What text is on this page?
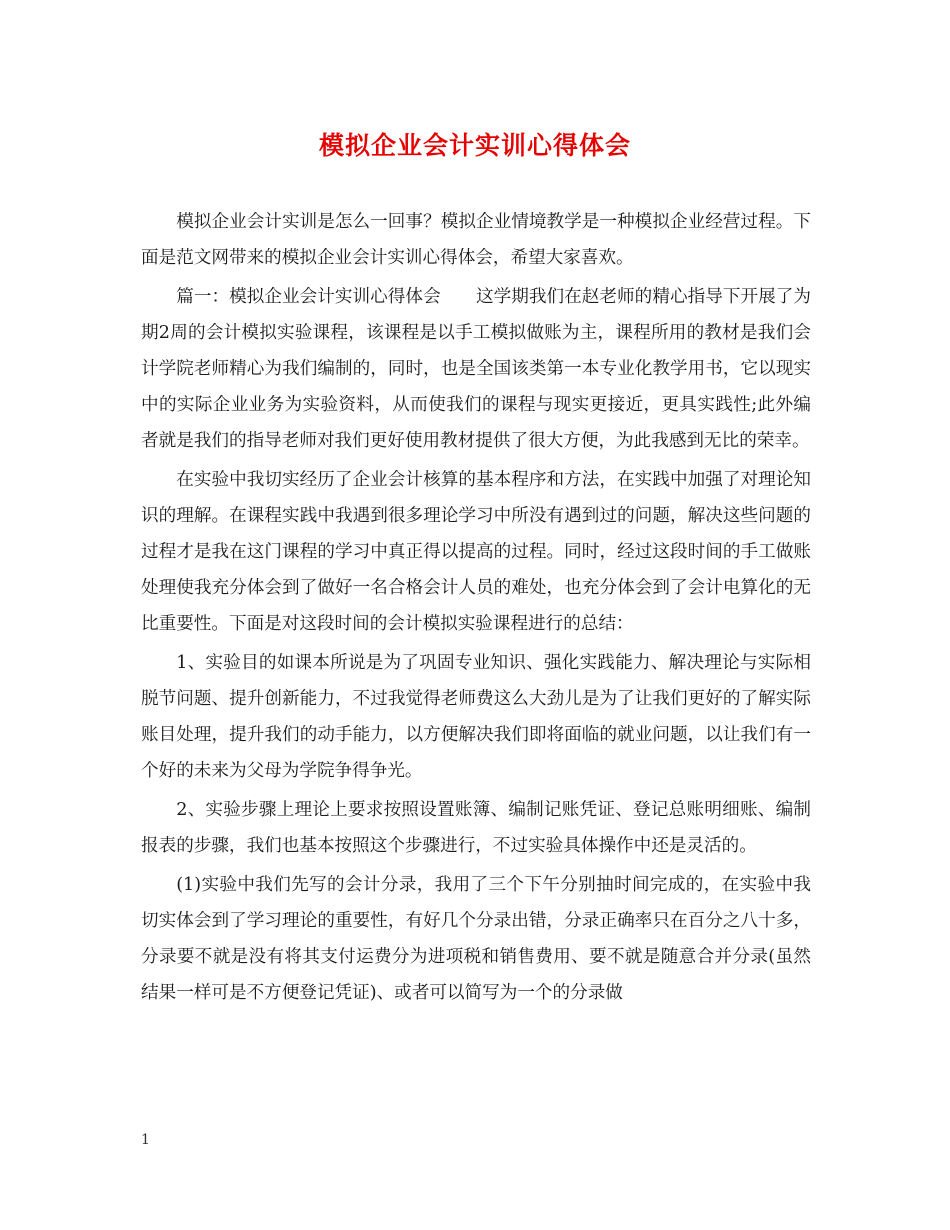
模拟企业会计实训心得体会

模拟企业会计实训是怎么一回事？模拟企业情境教学是一种模拟企业经营过程。下面是范文网带来的模拟企业会计实训心得体会，希望大家喜欢。

篇一：模拟企业会计实训心得体会　　这学期我们在赵老师的精心指导下开展了为期2周的会计模拟实验课程，该课程是以手工模拟做账为主，课程所用的教材是我们会计学院老师精心为我们编制的，同时，也是全国该类第一本专业化教学用书，它以现实中的实际企业业务为实验资料，从而使我们的课程与现实更接近，更具实践性;此外编者就是我们的指导老师对我们更好使用教材提供了很大方便，为此我感到无比的荣幸。

在实验中我切实经历了企业会计核算的基本程序和方法，在实践中加强了对理论知识的理解。在课程实践中我遇到很多理论学习中所没有遇到过的问题，解决这些问题的过程才是我在这门课程的学习中真正得以提高的过程。同时，经过这段时间的手工做账处理使我充分体会到了做好一名合格会计人员的难处，也充分体会到了会计电算化的无比重要性。下面是对这段时间的会计模拟实验课程进行的总结：

1、实验目的如课本所说是为了巩固专业知识、强化实践能力、解决理论与实际相脱节问题、提升创新能力，不过我觉得老师费这么大劲儿是为了让我们更好的了解实际账目处理，提升我们的动手能力，以方便解决我们即将面临的就业问题，以让我们有一个好的未来为父母为学院争得争光。

2、实验步骤上理论上要求按照设置账簿、编制记账凭证、登记总账明细账、编制报表的步骤，我们也基本按照这个步骤进行，不过实验具体操作中还是灵活的。

(1)实验中我们先写的会计分录，我用了三个下午分别抽时间完成的，在实验中我切实体会到了学习理论的重要性，有好几个分录出错，分录正确率只在百分之八十多，分录要不就是没有将其支付运费分为进项税和销售费用、要不就是随意合并分录(虽然结果一样可是不方便登记凭证)、或者可以简写为一个的分录做

1
